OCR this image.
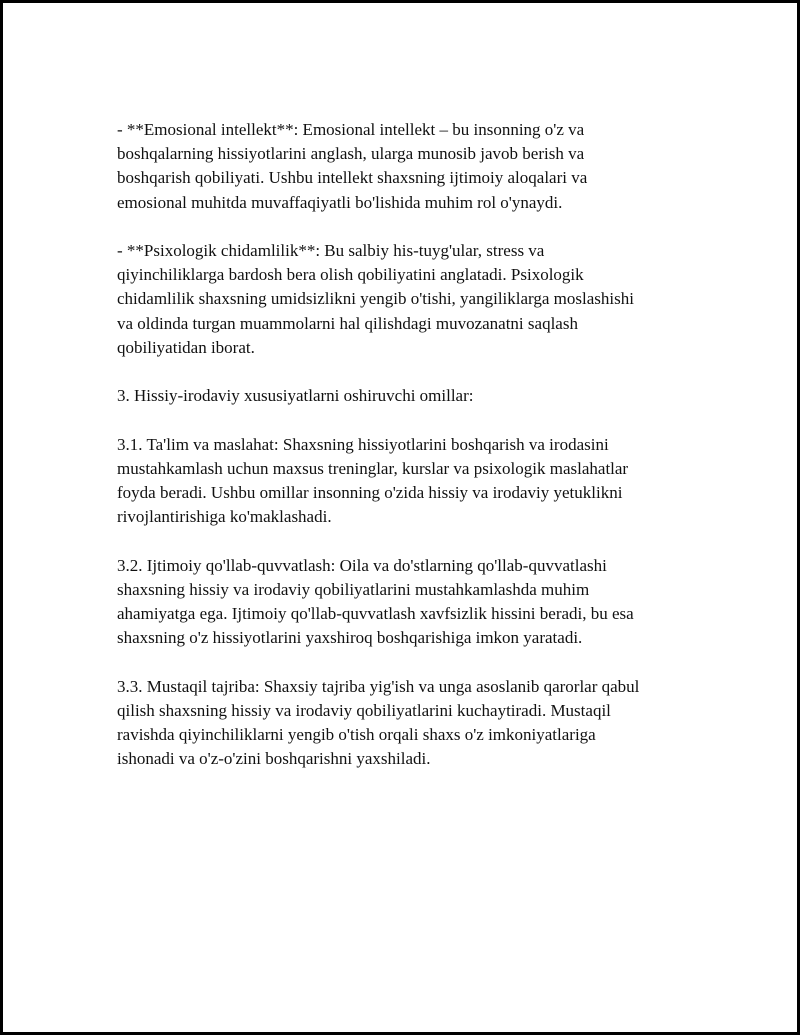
- **Emosional intellekt**: Emosional intellekt – bu insonning o'z va
boshqalarning hissiyotlarini anglash, ularga munosib javob berish va
boshqarish qobiliyati. Ushbu intellekt shaxsning ijtimoiy aloqalari va
emosional muhitda muvaffaqiyatli bo'lishida muhim rol o'ynaydi.

- **Psixologik chidamlilik**: Bu salbiy his-tuyg'ular, stress va
qiyinchiliklarga bardosh bera olish qobiliyatini anglatadi. Psixologik
chidamlilik shaxsning umidsizlikni yengib o'tishi, yangiliklarga moslashishi
va oldinda turgan muammolarni hal qilishdagi muvozanatni saqlash
qobiliyatidan iborat.

3. Hissiy-irodaviy xususiyatlarni oshiruvchi omillar:

3.1. Ta'lim va maslahat: Shaxsning hissiyotlarini boshqarish va irodasini
mustahkamlash uchun maxsus treninglar, kurslar va psixologik maslahatlar
foyda beradi. Ushbu omillar insonning o'zida hissiy va irodaviy yetuklikni
rivojlantirishiga ko'maklashadi.

3.2. Ijtimoiy qo'llab-quvvatlash: Oila va do'stlarning qo'llab-quvvatlashi
shaxsning hissiy va irodaviy qobiliyatlarini mustahkamlashda muhim
ahamiyatga ega. Ijtimoiy qo'llab-quvvatlash xavfsizlik hissini beradi, bu esa
shaxsning o'z hissiyotlarini yaxshiroq boshqarishiga imkon yaratadi.

3.3. Mustaqil tajriba: Shaxsiy tajriba yig'ish va unga asoslanib qarorlar qabul
qilish shaxsning hissiy va irodaviy qobiliyatlarini kuchaytiradi. Mustaqil
ravishda qiyinchiliklarni yengib o'tish orqali shaxs o'z imkoniyatlariga
ishonadi va o'z-o'zini boshqarishni yaxshiladi.
